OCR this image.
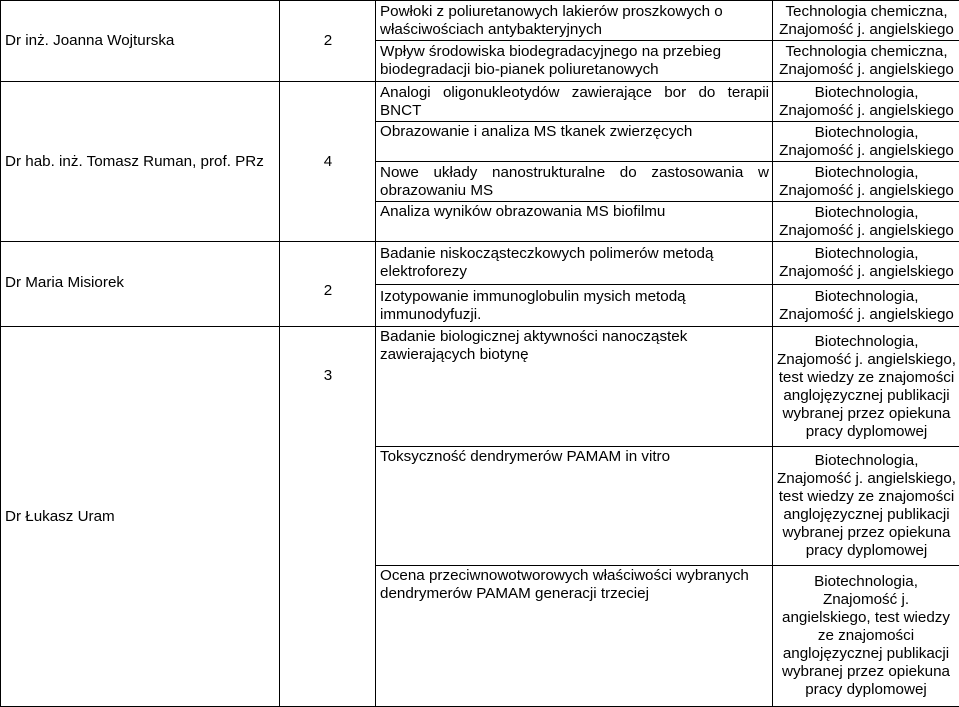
Dr inż. Joanna Wojturska	2	Powłoki z poliuretanowych lakierów proszkowych o właściwościach antybakteryjnych	Technologia chemiczna, Znajomość j. angielskiego
		Wpływ środowiska biodegradacyjnego na przebieg biodegradacji bio-pianek poliuretanowych	Technologia chemiczna, Znajomość j. angielskiego
Dr hab. inż. Tomasz Ruman, prof. PRz	4	Analogi oligonukleotydów zawierające bor do terapii BNCT	Biotechnologia, Znajomość j. angielskiego
		Obrazowanie i analiza MS tkanek zwierzęcych	Biotechnologia, Znajomość j. angielskiego
		Nowe układy nanostrukturalne do zastosowania w obrazowaniu MS	Biotechnologia, Znajomość j. angielskiego
		Analiza wyników obrazowania MS biofilmu	Biotechnologia, Znajomość j. angielskiego
Dr Maria Misiorek	2	Badanie niskocząsteczkowych polimerów metodą elektroforezy	Biotechnologia, Znajomość j. angielskiego
		Izotypowanie immunoglobulin mysich metodą immunodyfuzji.	Biotechnologia, Znajomość j. angielskiego
Dr Łukasz Uram	3	Badanie biologicznej aktywności nanocząstek zawierających biotynę	Biotechnologia, Znajomość j. angielskiego, test wiedzy ze znajomości anglojęzycznej publikacji wybranej przez opiekuna pracy dyplomowej
		Toksyczność dendrymerów PAMAM in vitro	Biotechnologia, Znajomość j. angielskiego, test wiedzy ze znajomości anglojęzycznej publikacji wybranej przez opiekuna pracy dyplomowej
		Ocena przeciwnowotworowych właściwości wybranych dendrymerów PAMAM generacji trzeciej	Biotechnologia, Znajomość j. angielskiego, test wiedzy ze znajomości anglojęzycznej publikacji wybranej przez opiekuna pracy dyplomowej
